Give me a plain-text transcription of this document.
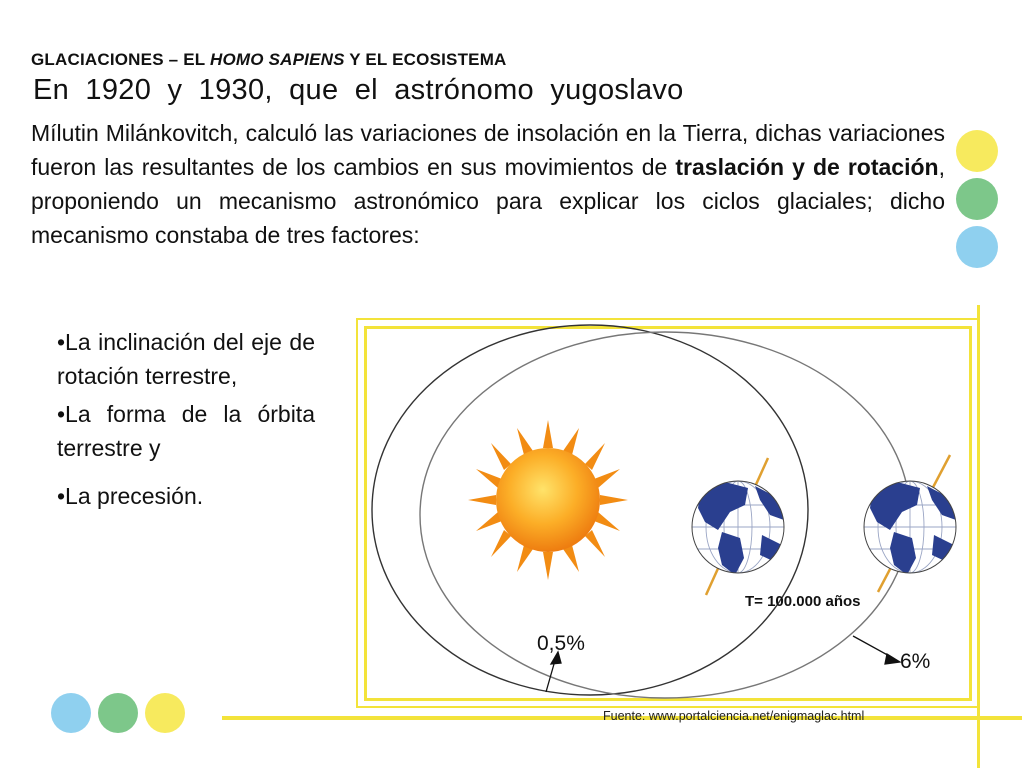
GLACIACIONES – EL HOMO SAPIENS Y EL ECOSISTEMA
En 1920 y 1930, que el astrónomo yugoslavo
Mílutin Milánkovitch, calculó las variaciones de insolación en la Tierra, dichas variaciones fueron las resultantes de los cambios en sus movimientos de traslación y de rotación, proponiendo un mecanismo astronómico para explicar los ciclos glaciales; dicho mecanismo constaba de tres factores:
•La inclinación del eje de rotación terrestre,
•La forma de la órbita terrestre y
•La precesión.
T= 100.000 años
0,5%
6%
Fuente: www.portalciencia.net/enigmaglac.html
